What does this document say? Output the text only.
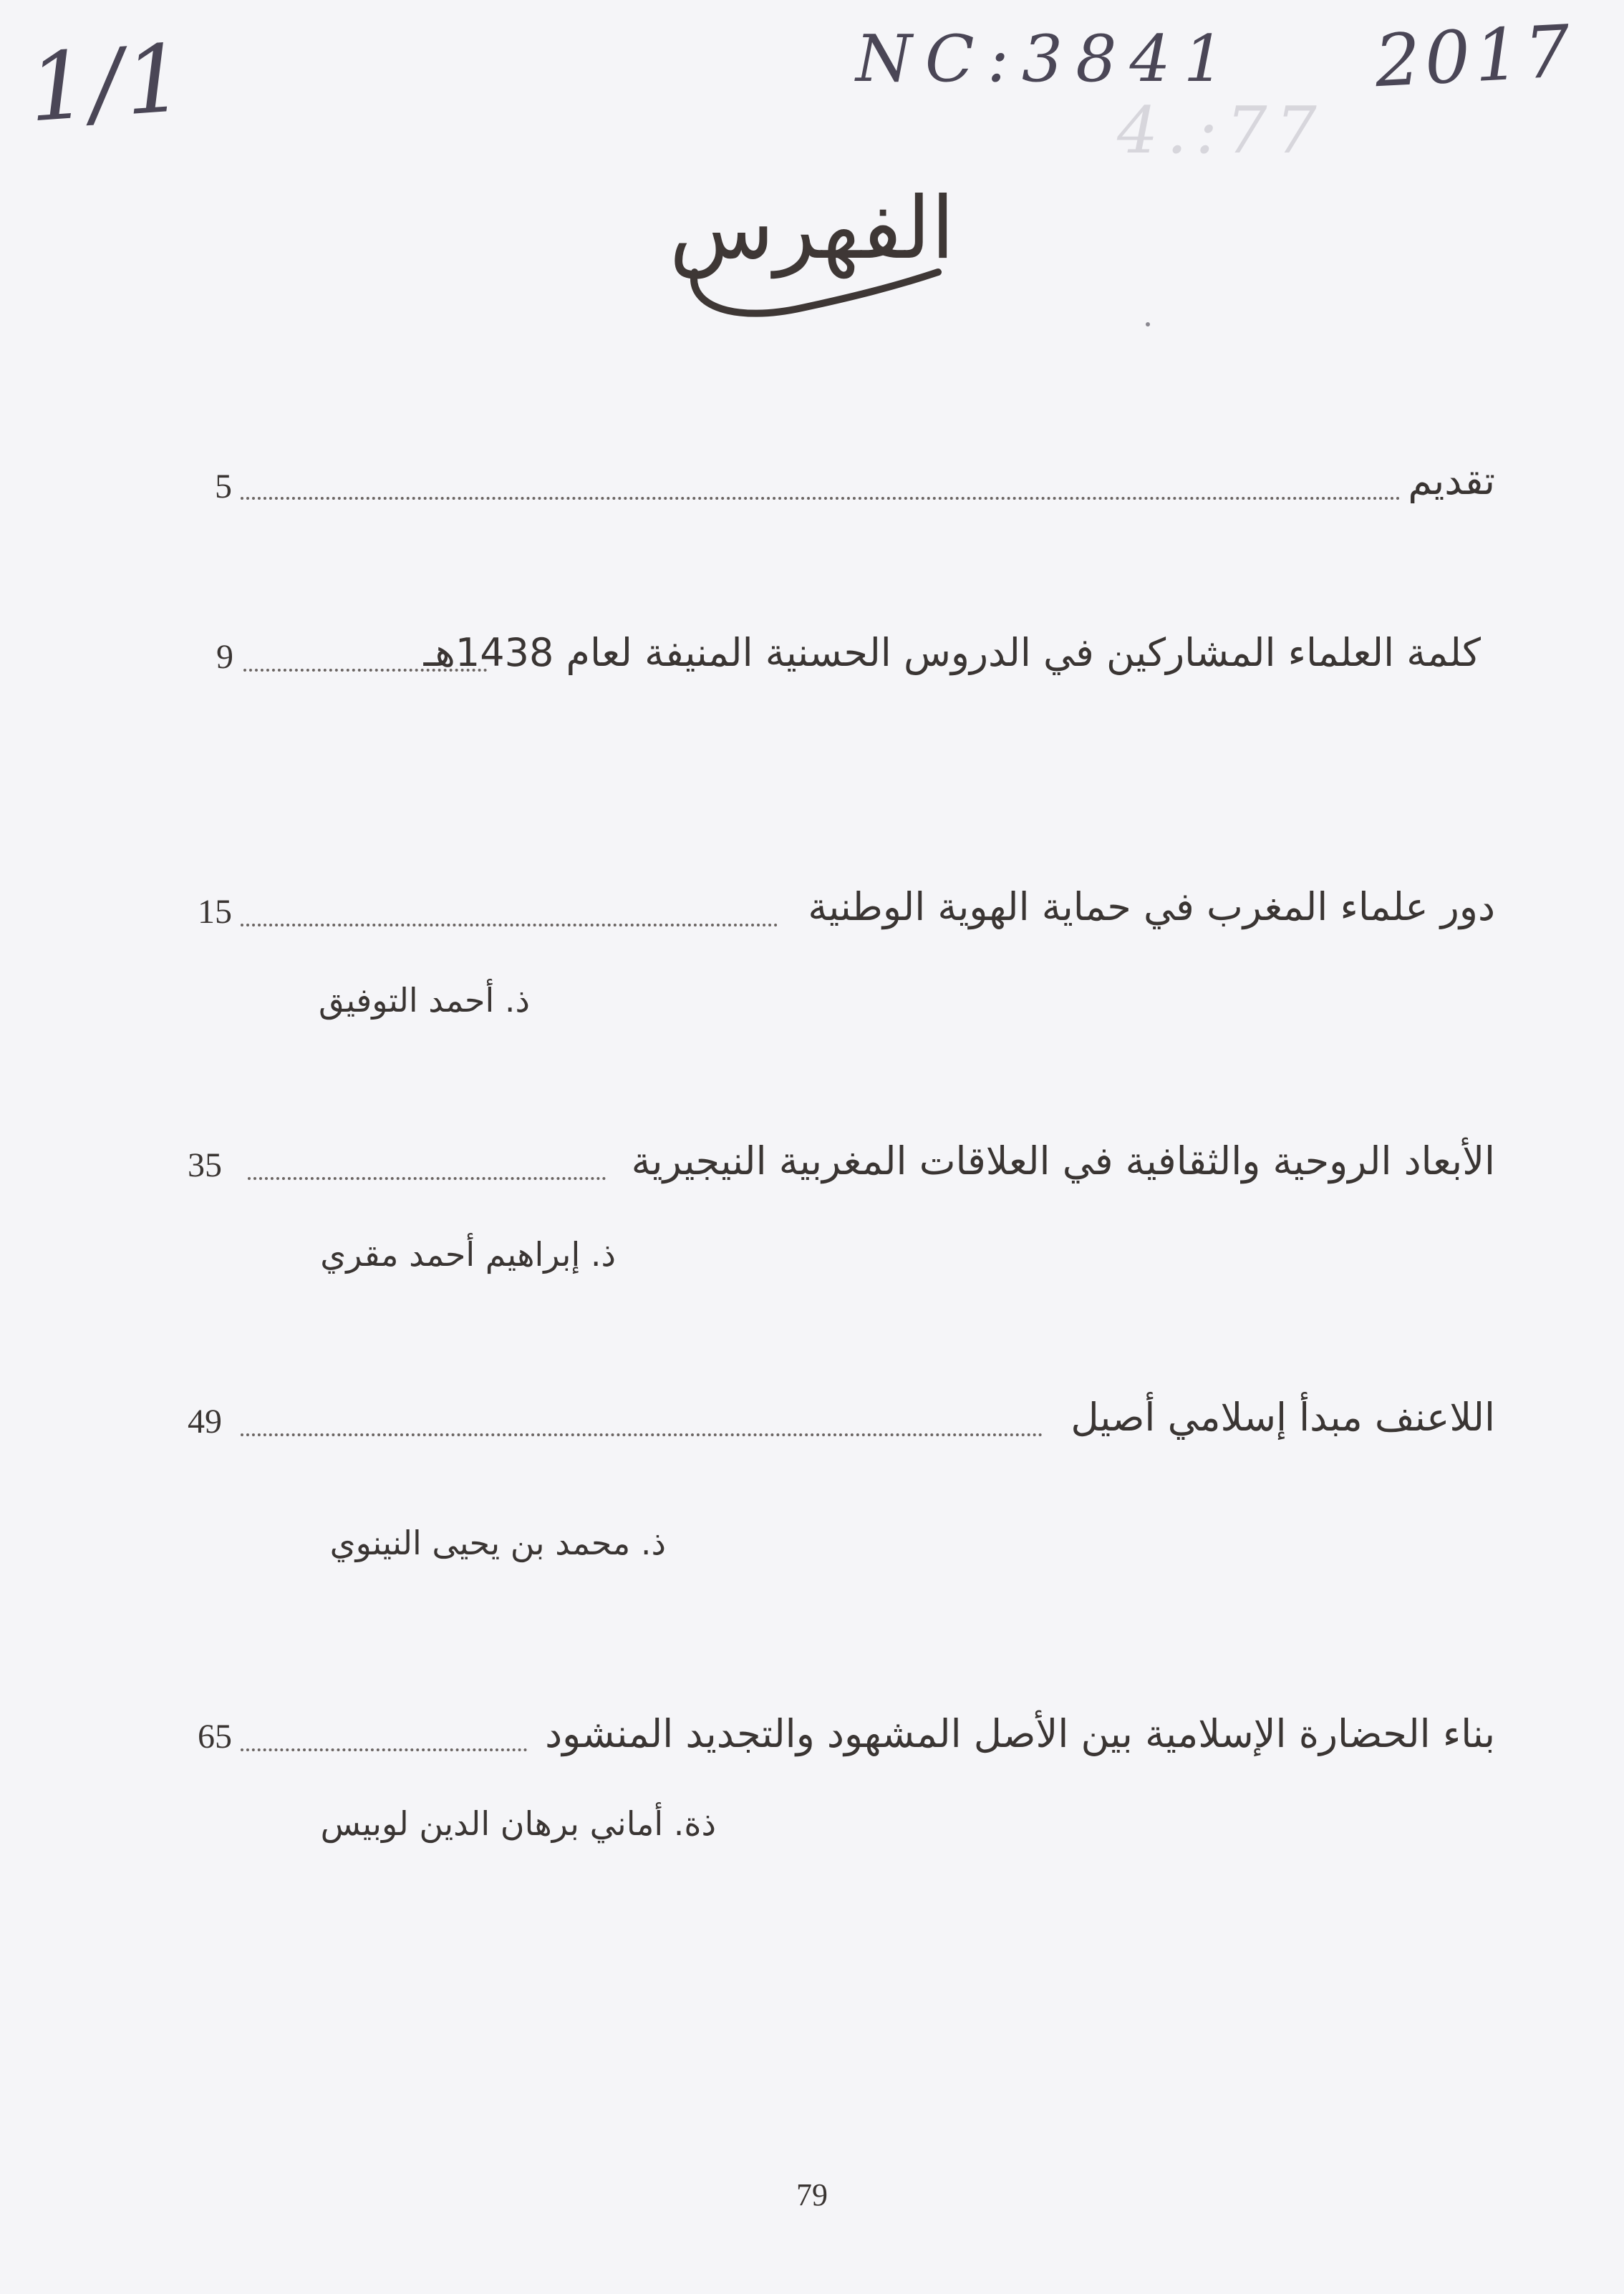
1/1	NC:3841 2017
4.:77
الفهرس
تقديم
5
كلمة العلماء المشاركين في الدروس الحسنية المنيفة لعام 1438هـ
9
دور علماء المغرب في حماية الهوية الوطنية
15
ذ. أحمد التوفيق
الأبعاد الروحية والثقافية في العلاقات المغربية النيجيرية
35
ذ. إبراهيم أحمد مقري
اللاعنف مبدأ إسلامي أصيل
49
ذ. محمد بن يحيى النينوي
بناء الحضارة الإسلامية بين الأصل المشهود والتجديد المنشود
65
ذة. أماني برهان الدين لوبيس
79
